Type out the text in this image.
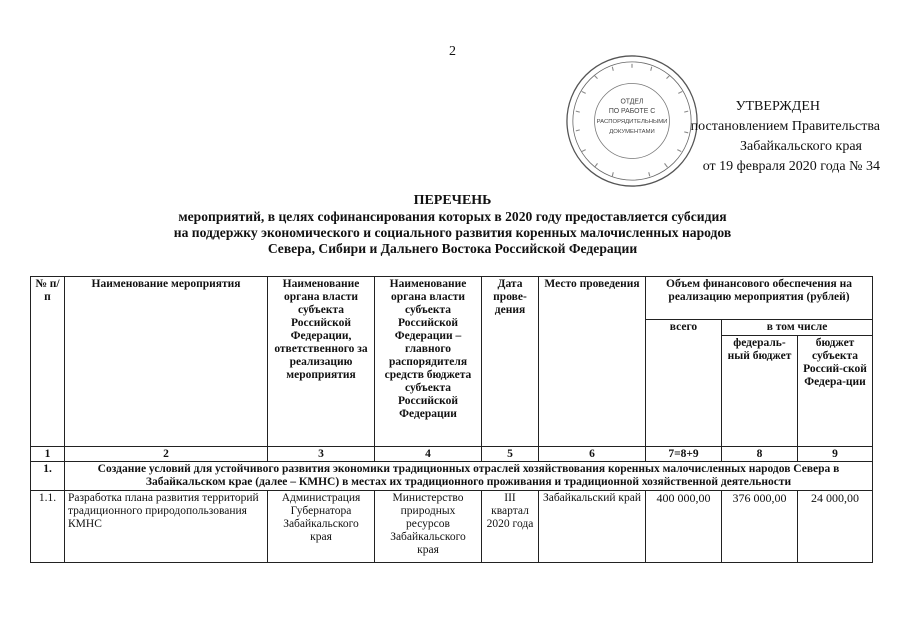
2
ОТДЕЛ
ПО РАБОТЕ С
РАСПОРЯДИТЕЛЬНЫМИ
ДОКУМЕНТАМИ
УТВЕРЖДЕН
постановлением Правительства
Забайкальского края
от 19 февраля 2020 года № 34
ПЕРЕЧЕНЬ
мероприятий, в целях софинансирования которых в 2020 году предоставляется субсидия
на поддержку экономического и социального развития коренных малочисленных народов
Севера, Сибири и Дальнего Востока Российской Федерации
№ п/п	Наименование мероприятия	Наименование органа власти субъекта Российской Федерации, ответственного за реализацию мероприятия	Наименование органа власти субъекта Российской Федерации – главного распорядителя средств бюджета субъекта Российской Федерации	Дата прове-дения	Место проведения	Объем финансового обеспечения на реализацию мероприятия (рублей)		
						всего	в том числе	
							федераль-ный бюджет	бюджет субъекта Россий-ской Федера-ции
1	2	3	4	5	6	7=8+9	8	9
1.	Создание условий для устойчивого развития экономики традиционных отраслей хозяйствования коренных малочисленных народов Севера в Забайкальском крае (далее – КМНС) в местах их традиционного проживания и традиционной хозяйственной деятельности							
1.1.	Разработка плана развития территорий традиционного природопользования КМНС	Администрация Губернатора Забайкальского края	Министерство природных ресурсов Забайкальского края	III квартал 2020 года	Забайкальский край	400 000,00	376 000,00	24 000,00
